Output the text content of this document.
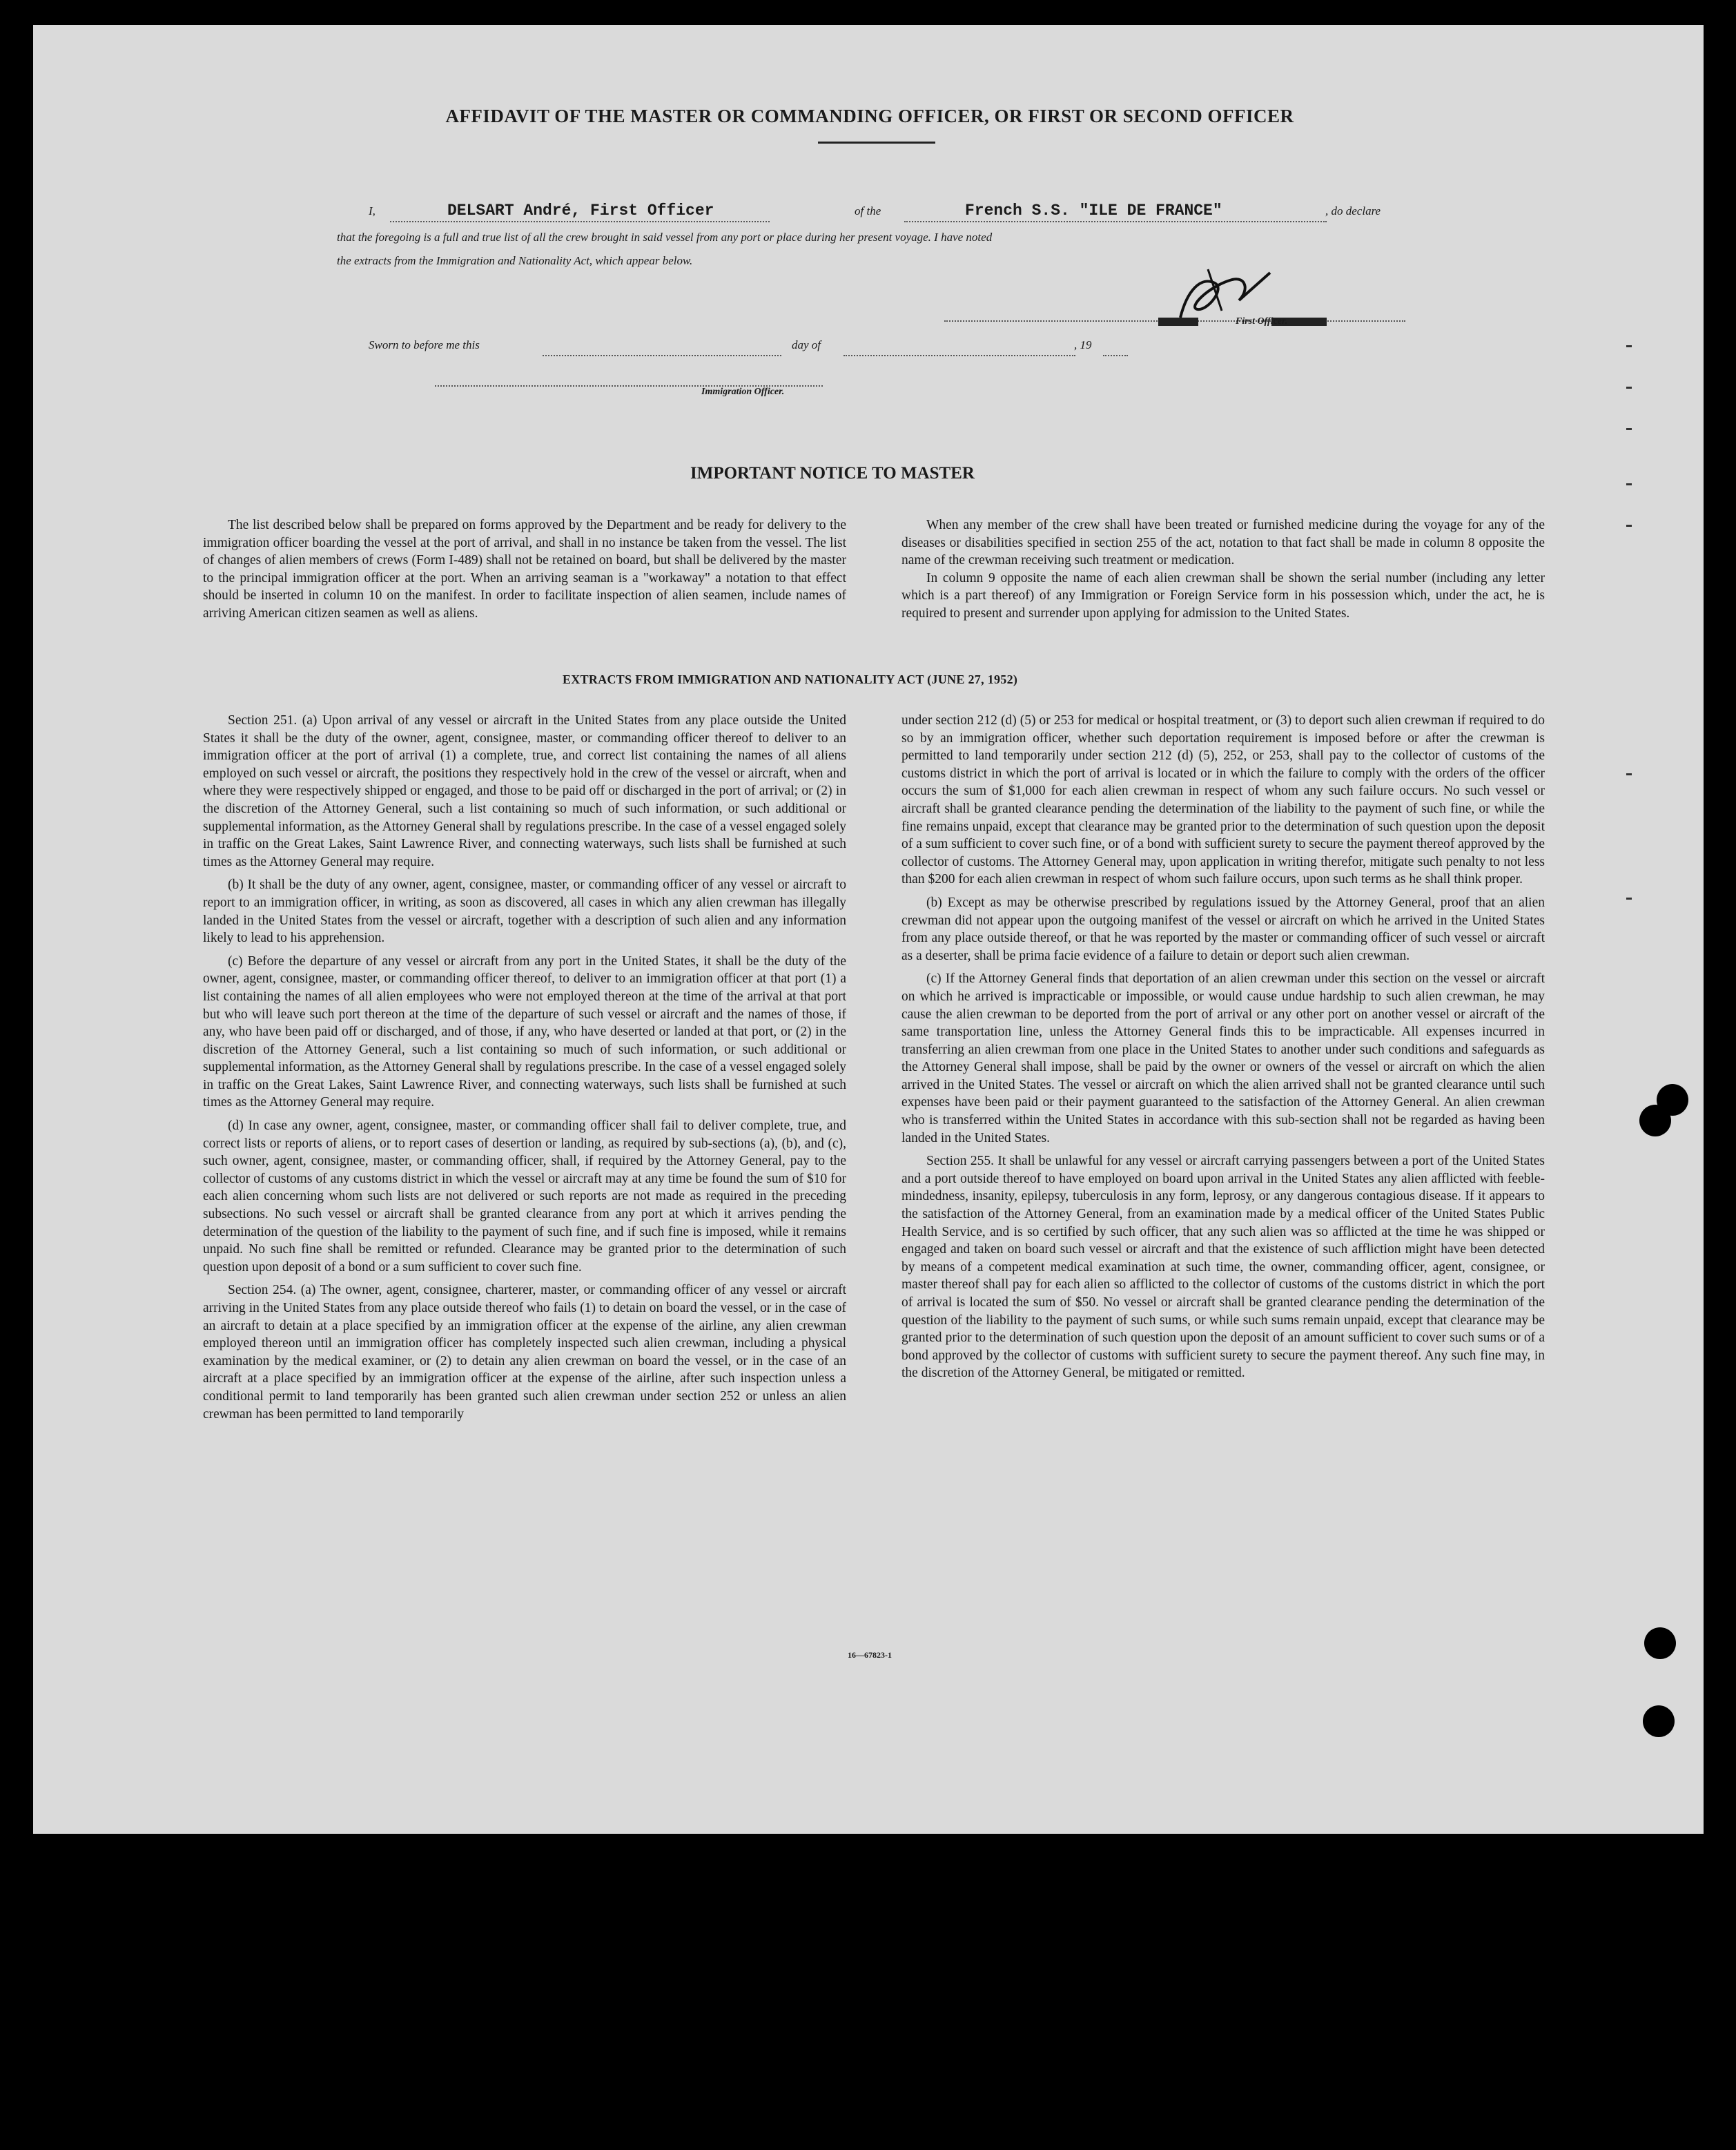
AFFIDAVIT OF THE MASTER OR COMMANDING OFFICER, OR FIRST OR SECOND OFFICER
I,	DELSART André, First Officer	of the	French S.S. "ILE DE FRANCE"	, do declare
that the foregoing is a full and true list of all the crew brought in said vessel from any port or place during her present voyage. I have noted
the extracts from the Immigration and Nationality Act, which appear below.
First Officer.
Sworn to before me this	day of	, 19
Immigration Officer.
IMPORTANT NOTICE TO MASTER

The list described below shall be prepared on forms approved by the Department and be ready for delivery to the immigration officer boarding the vessel at the port of arrival, and shall in no instance be taken from the vessel. The list of changes of alien members of crews (Form I-489) shall not be retained on board, but shall be delivered by the master to the principal immigration officer at the port. When an arriving seaman is a "workaway" a notation to that effect should be inserted in column 10 on the manifest. In order to facilitate inspection of alien seamen, include names of arriving American citizen seamen as well as aliens.

When any member of the crew shall have been treated or furnished medicine during the voyage for any of the diseases or disabilities specified in section 255 of the act, notation to that fact shall be made in column 8 opposite the name of the crewman receiving such treatment or medication.

In column 9 opposite the name of each alien crewman shall be shown the serial number (including any letter which is a part thereof) of any Immigration or Foreign Service form in his possession which, under the act, he is required to present and surrender upon applying for admission to the United States.

EXTRACTS FROM IMMIGRATION AND NATIONALITY ACT (JUNE 27, 1952)

Section 251. (a) Upon arrival of any vessel or aircraft in the United States from any place outside the United States it shall be the duty of the owner, agent, consignee, master, or commanding officer thereof to deliver to an immigration officer at the port of arrival (1) a complete, true, and correct list containing the names of all aliens employed on such vessel or aircraft, the positions they respectively hold in the crew of the vessel or aircraft, when and where they were respectively shipped or engaged, and those to be paid off or discharged in the port of arrival; or (2) in the discretion of the Attorney General, such a list containing so much of such information, or such additional or supplemental information, as the Attorney General shall by regulations prescribe. In the case of a vessel engaged solely in traffic on the Great Lakes, Saint Lawrence River, and connecting waterways, such lists shall be furnished at such times as the Attorney General may require.

(b) It shall be the duty of any owner, agent, consignee, master, or commanding officer of any vessel or aircraft to report to an immigration officer, in writing, as soon as discovered, all cases in which any alien crewman has illegally landed in the United States from the vessel or aircraft, together with a description of such alien and any information likely to lead to his apprehension.

(c) Before the departure of any vessel or aircraft from any port in the United States, it shall be the duty of the owner, agent, consignee, master, or commanding officer thereof, to deliver to an immigration officer at that port (1) a list containing the names of all alien employees who were not employed thereon at the time of the arrival at that port but who will leave such port thereon at the time of the departure of such vessel or aircraft and the names of those, if any, who have been paid off or discharged, and of those, if any, who have deserted or landed at that port, or (2) in the discretion of the Attorney General, such a list containing so much of such information, or such additional or supplemental information, as the Attorney General shall by regulations prescribe. In the case of a vessel engaged solely in traffic on the Great Lakes, Saint Lawrence River, and connecting waterways, such lists shall be furnished at such times as the Attorney General may require.

(d) In case any owner, agent, consignee, master, or commanding officer shall fail to deliver complete, true, and correct lists or reports of aliens, or to report cases of desertion or landing, as required by sub-sections (a), (b), and (c), such owner, agent, consignee, master, or commanding officer, shall, if required by the Attorney General, pay to the collector of customs of any customs district in which the vessel or aircraft may at any time be found the sum of $10 for each alien concerning whom such lists are not delivered or such reports are not made as required in the preceding subsections. No such vessel or aircraft shall be granted clearance from any port at which it arrives pending the determination of the question of the liability to the payment of such fine, and if such fine is imposed, while it remains unpaid. No such fine shall be remitted or refunded. Clearance may be granted prior to the determination of such question upon deposit of a bond or a sum sufficient to cover such fine.

Section 254. (a) The owner, agent, consignee, charterer, master, or commanding officer of any vessel or aircraft arriving in the United States from any place outside thereof who fails (1) to detain on board the vessel, or in the case of an aircraft to detain at a place specified by an immigration officer at the expense of the airline, any alien crewman employed thereon until an immigration officer has completely inspected such alien crewman, including a physical examination by the medical examiner, or (2) to detain any alien crewman on board the vessel, or in the case of an aircraft at a place specified by an immigration officer at the expense of the airline, after such inspection unless a conditional permit to land temporarily has been granted such alien crewman under section 252 or unless an alien crewman has been permitted to land temporarily

under section 212 (d) (5) or 253 for medical or hospital treatment, or (3) to deport such alien crewman if required to do so by an immigration officer, whether such deportation requirement is imposed before or after the crewman is permitted to land temporarily under section 212 (d) (5), 252, or 253, shall pay to the collector of customs of the customs district in which the port of arrival is located or in which the failure to comply with the orders of the officer occurs the sum of $1,000 for each alien crewman in respect of whom any such failure occurs. No such vessel or aircraft shall be granted clearance pending the determination of the liability to the payment of such fine, or while the fine remains unpaid, except that clearance may be granted prior to the determination of such question upon the deposit of a sum sufficient to cover such fine, or of a bond with sufficient surety to secure the payment thereof approved by the collector of customs. The Attorney General may, upon application in writing therefor, mitigate such penalty to not less than $200 for each alien crewman in respect of whom such failure occurs, upon such terms as he shall think proper.

(b) Except as may be otherwise prescribed by regulations issued by the Attorney General, proof that an alien crewman did not appear upon the outgoing manifest of the vessel or aircraft on which he arrived in the United States from any place outside thereof, or that he was reported by the master or commanding officer of such vessel or aircraft as a deserter, shall be prima facie evidence of a failure to detain or deport such alien crewman.

(c) If the Attorney General finds that deportation of an alien crewman under this section on the vessel or aircraft on which he arrived is impracticable or impossible, or would cause undue hardship to such alien crewman, he may cause the alien crewman to be deported from the port of arrival or any other port on another vessel or aircraft of the same transportation line, unless the Attorney General finds this to be impracticable. All expenses incurred in transferring an alien crewman from one place in the United States to another under such conditions and safeguards as the Attorney General shall impose, shall be paid by the owner or owners of the vessel or aircraft on which the alien arrived in the United States. The vessel or aircraft on which the alien arrived shall not be granted clearance until such expenses have been paid or their payment guaranteed to the satisfaction of the Attorney General. An alien crewman who is transferred within the United States in accordance with this sub-section shall not be regarded as having been landed in the United States.

Section 255. It shall be unlawful for any vessel or aircraft carrying passengers between a port of the United States and a port outside thereof to have employed on board upon arrival in the United States any alien afflicted with feeble-mindedness, insanity, epilepsy, tuberculosis in any form, leprosy, or any dangerous contagious disease. If it appears to the satisfaction of the Attorney General, from an examination made by a medical officer of the United States Public Health Service, and is so certified by such officer, that any such alien was so afflicted at the time he was shipped or engaged and taken on board such vessel or aircraft and that the existence of such affliction might have been detected by means of a competent medical examination at such time, the owner, commanding officer, agent, consignee, or master thereof shall pay for each alien so afflicted to the collector of customs of the customs district in which the port of arrival is located the sum of $50. No vessel or aircraft shall be granted clearance pending the determination of the question of the liability to the payment of such sums, or while such sums remain unpaid, except that clearance may be granted prior to the determination of such question upon the deposit of an amount sufficient to cover such sums or of a bond approved by the collector of customs with sufficient surety to secure the payment thereof. Any such fine may, in the discretion of the Attorney General, be mitigated or remitted.

16—67823-1
